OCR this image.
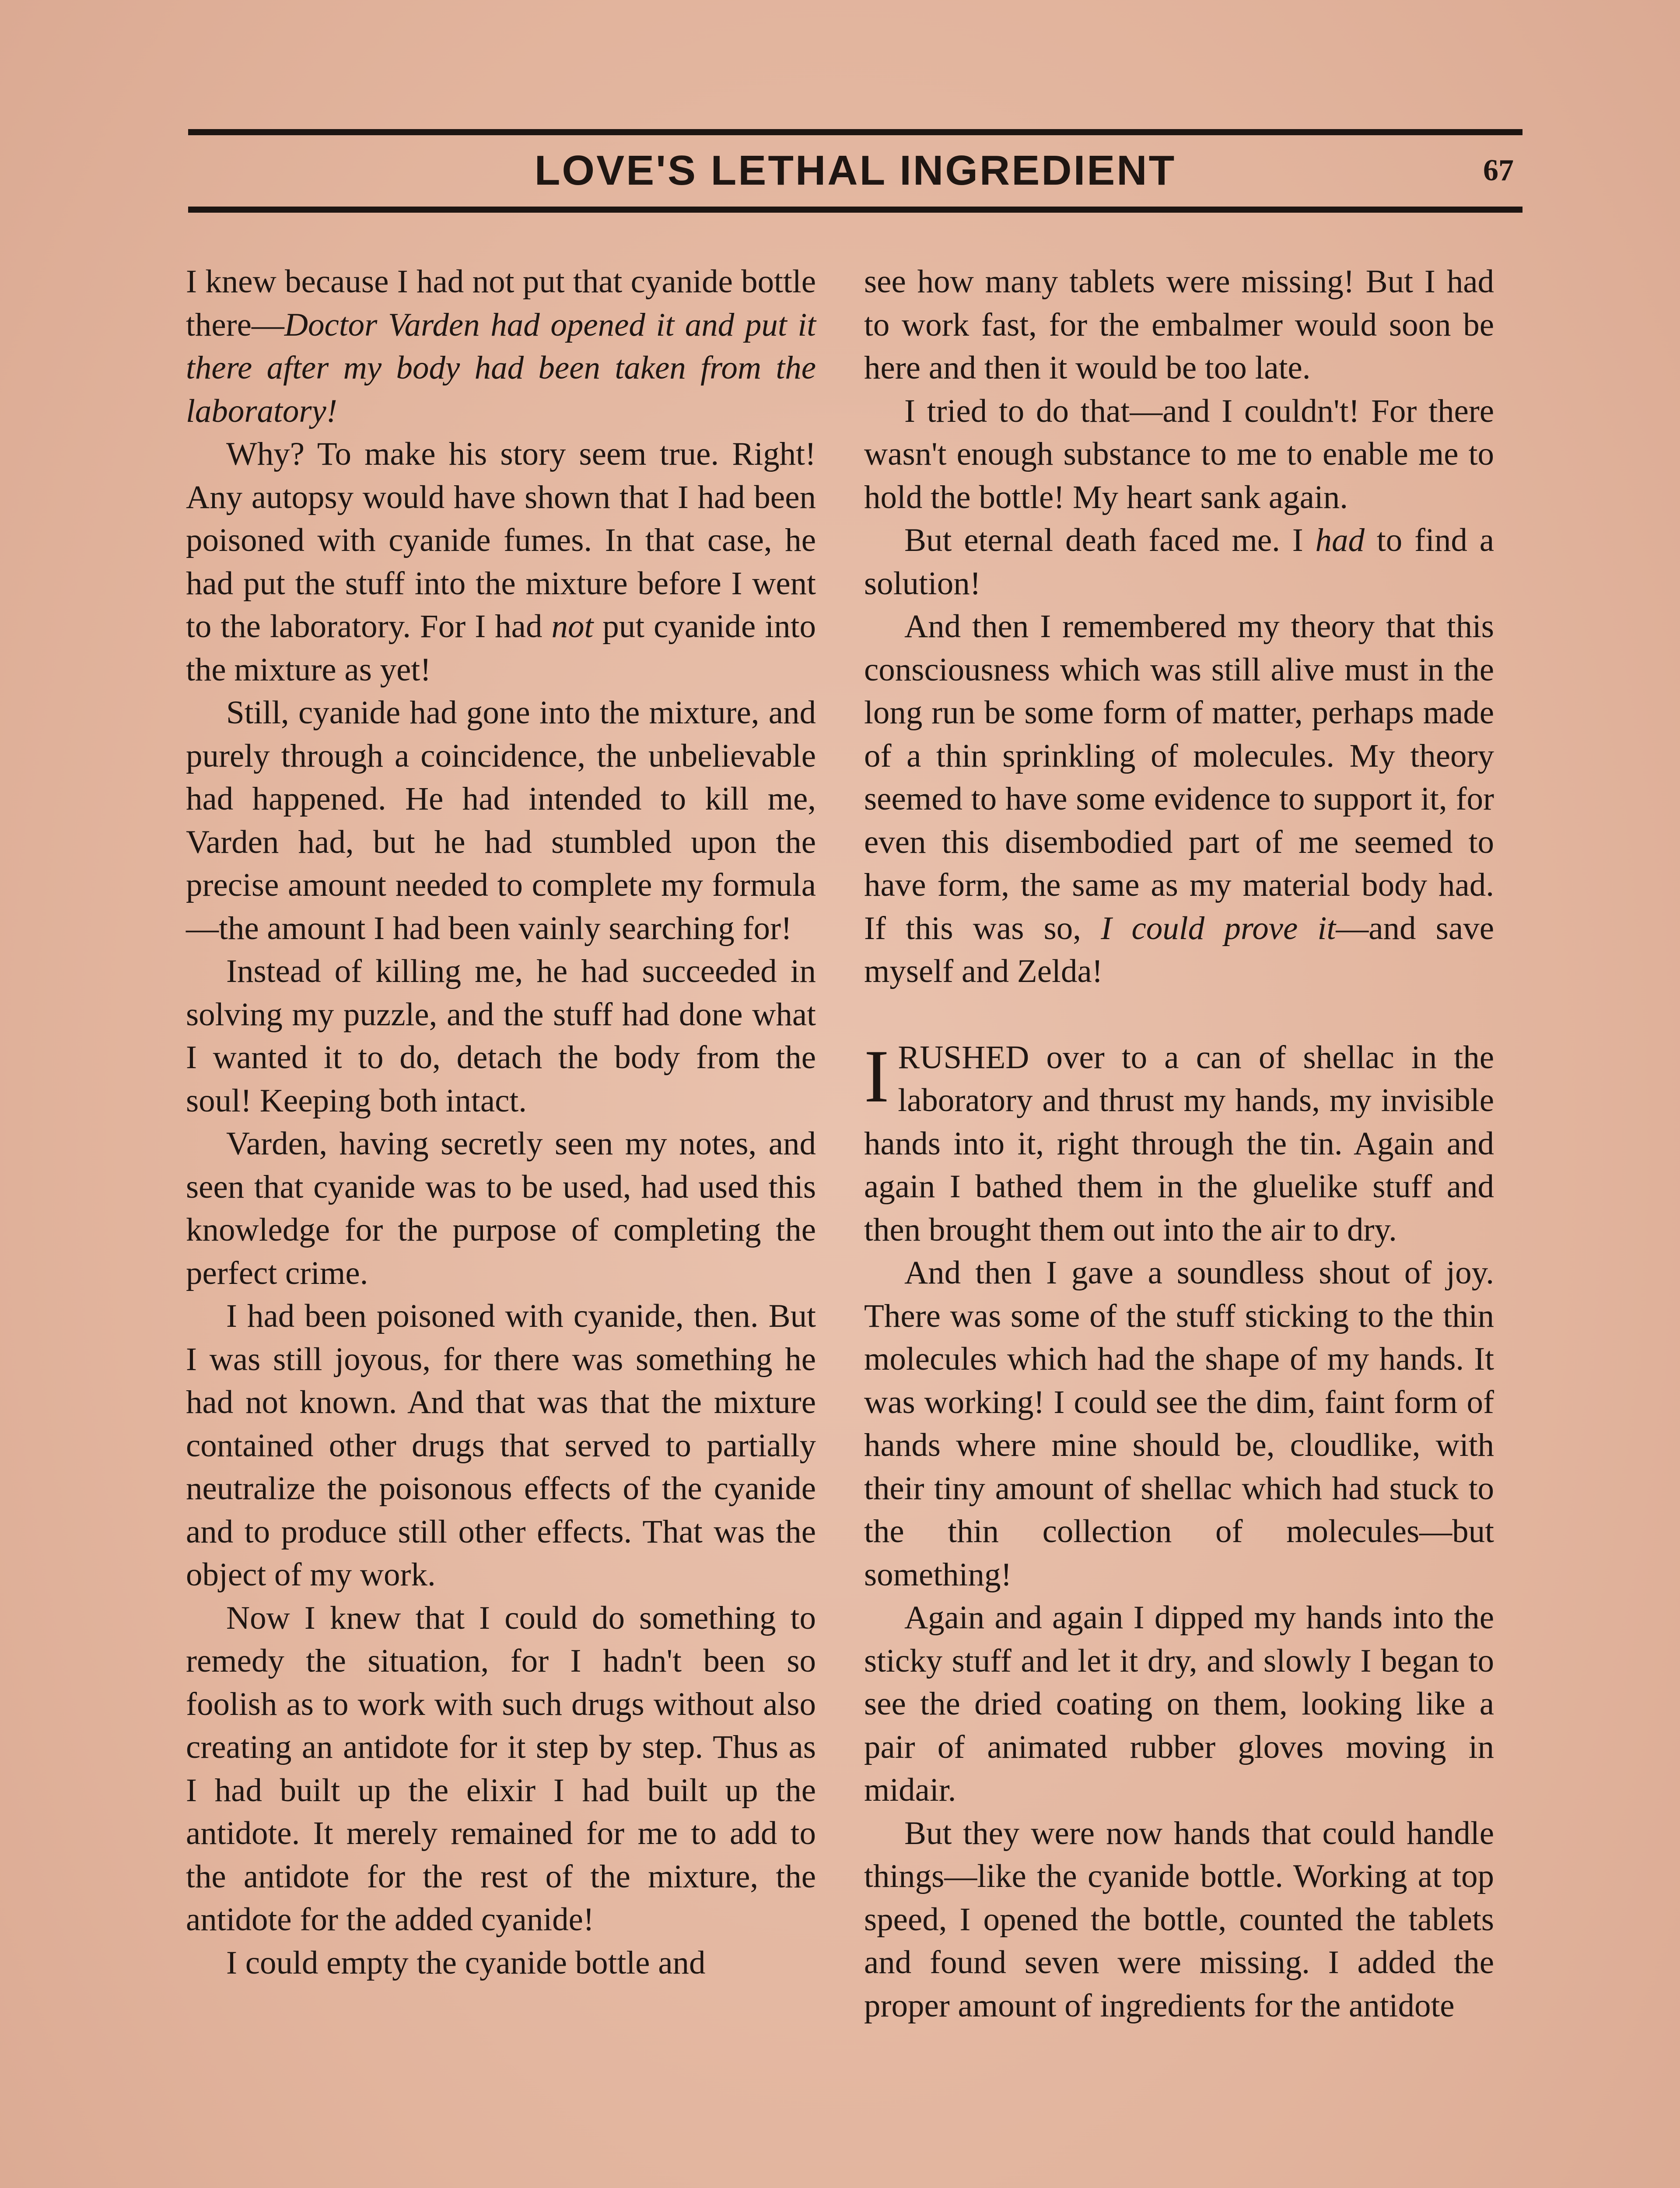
LOVE'S LETHAL INGREDIENT	67

I knew because I had not put that cyanide bottle there—Doctor Varden had opened it and put it there after my body had been taken from the laboratory!

Why? To make his story seem true. Right! Any autopsy would have shown that I had been poisoned with cyanide fumes. In that case, he had put the stuff into the mixture before I went to the laboratory. For I had not put cyanide into the mixture as yet!

Still, cyanide had gone into the mixture, and purely through a coincidence, the unbelievable had happened. He had intended to kill me, Varden had, but he had stumbled upon the precise amount needed to complete my formula—the amount I had been vainly searching for!

Instead of killing me, he had succeeded in solving my puzzle, and the stuff had done what I wanted it to do, detach the body from the soul! Keeping both intact.

Varden, having secretly seen my notes, and seen that cyanide was to be used, had used this knowledge for the purpose of completing the perfect crime.

I had been poisoned with cyanide, then. But I was still joyous, for there was something he had not known. And that was that the mixture contained other drugs that served to partially neutralize the poisonous effects of the cyanide and to produce still other effects. That was the object of my work.

Now I knew that I could do something to remedy the situation, for I hadn't been so foolish as to work with such drugs without also creating an antidote for it step by step. Thus as I had built up the elixir I had built up the antidote. It merely remained for me to add to the antidote for the rest of the mixture, the antidote for the added cyanide!

I could empty the cyanide bottle and

see how many tablets were missing! But I had to work fast, for the embalmer would soon be here and then it would be too late.

I tried to do that—and I couldn't! For there wasn't enough substance to me to enable me to hold the bottle! My heart sank again.

But eternal death faced me. I had to find a solution!

And then I remembered my theory that this consciousness which was still alive must in the long run be some form of matter, perhaps made of a thin sprinkling of molecules. My theory seemed to have some evidence to support it, for even this disembodied part of me seemed to have form, the same as my material body had. If this was so, I could prove it—and save myself and Zelda!

IRUSHED over to a can of shellac in the laboratory and thrust my hands, my invisible hands into it, right through the tin. Again and again I bathed them in the gluelike stuff and then brought them out into the air to dry.

And then I gave a soundless shout of joy. There was some of the stuff sticking to the thin molecules which had the shape of my hands. It was working! I could see the dim, faint form of hands where mine should be, cloudlike, with their tiny amount of shellac which had stuck to the thin collection of molecules—but something!

Again and again I dipped my hands into the sticky stuff and let it dry, and slowly I began to see the dried coating on them, looking like a pair of animated rubber gloves moving in midair.

But they were now hands that could handle things—like the cyanide bottle. Working at top speed, I opened the bottle, counted the tablets and found seven were missing. I added the proper amount of ingredients for the antidote
